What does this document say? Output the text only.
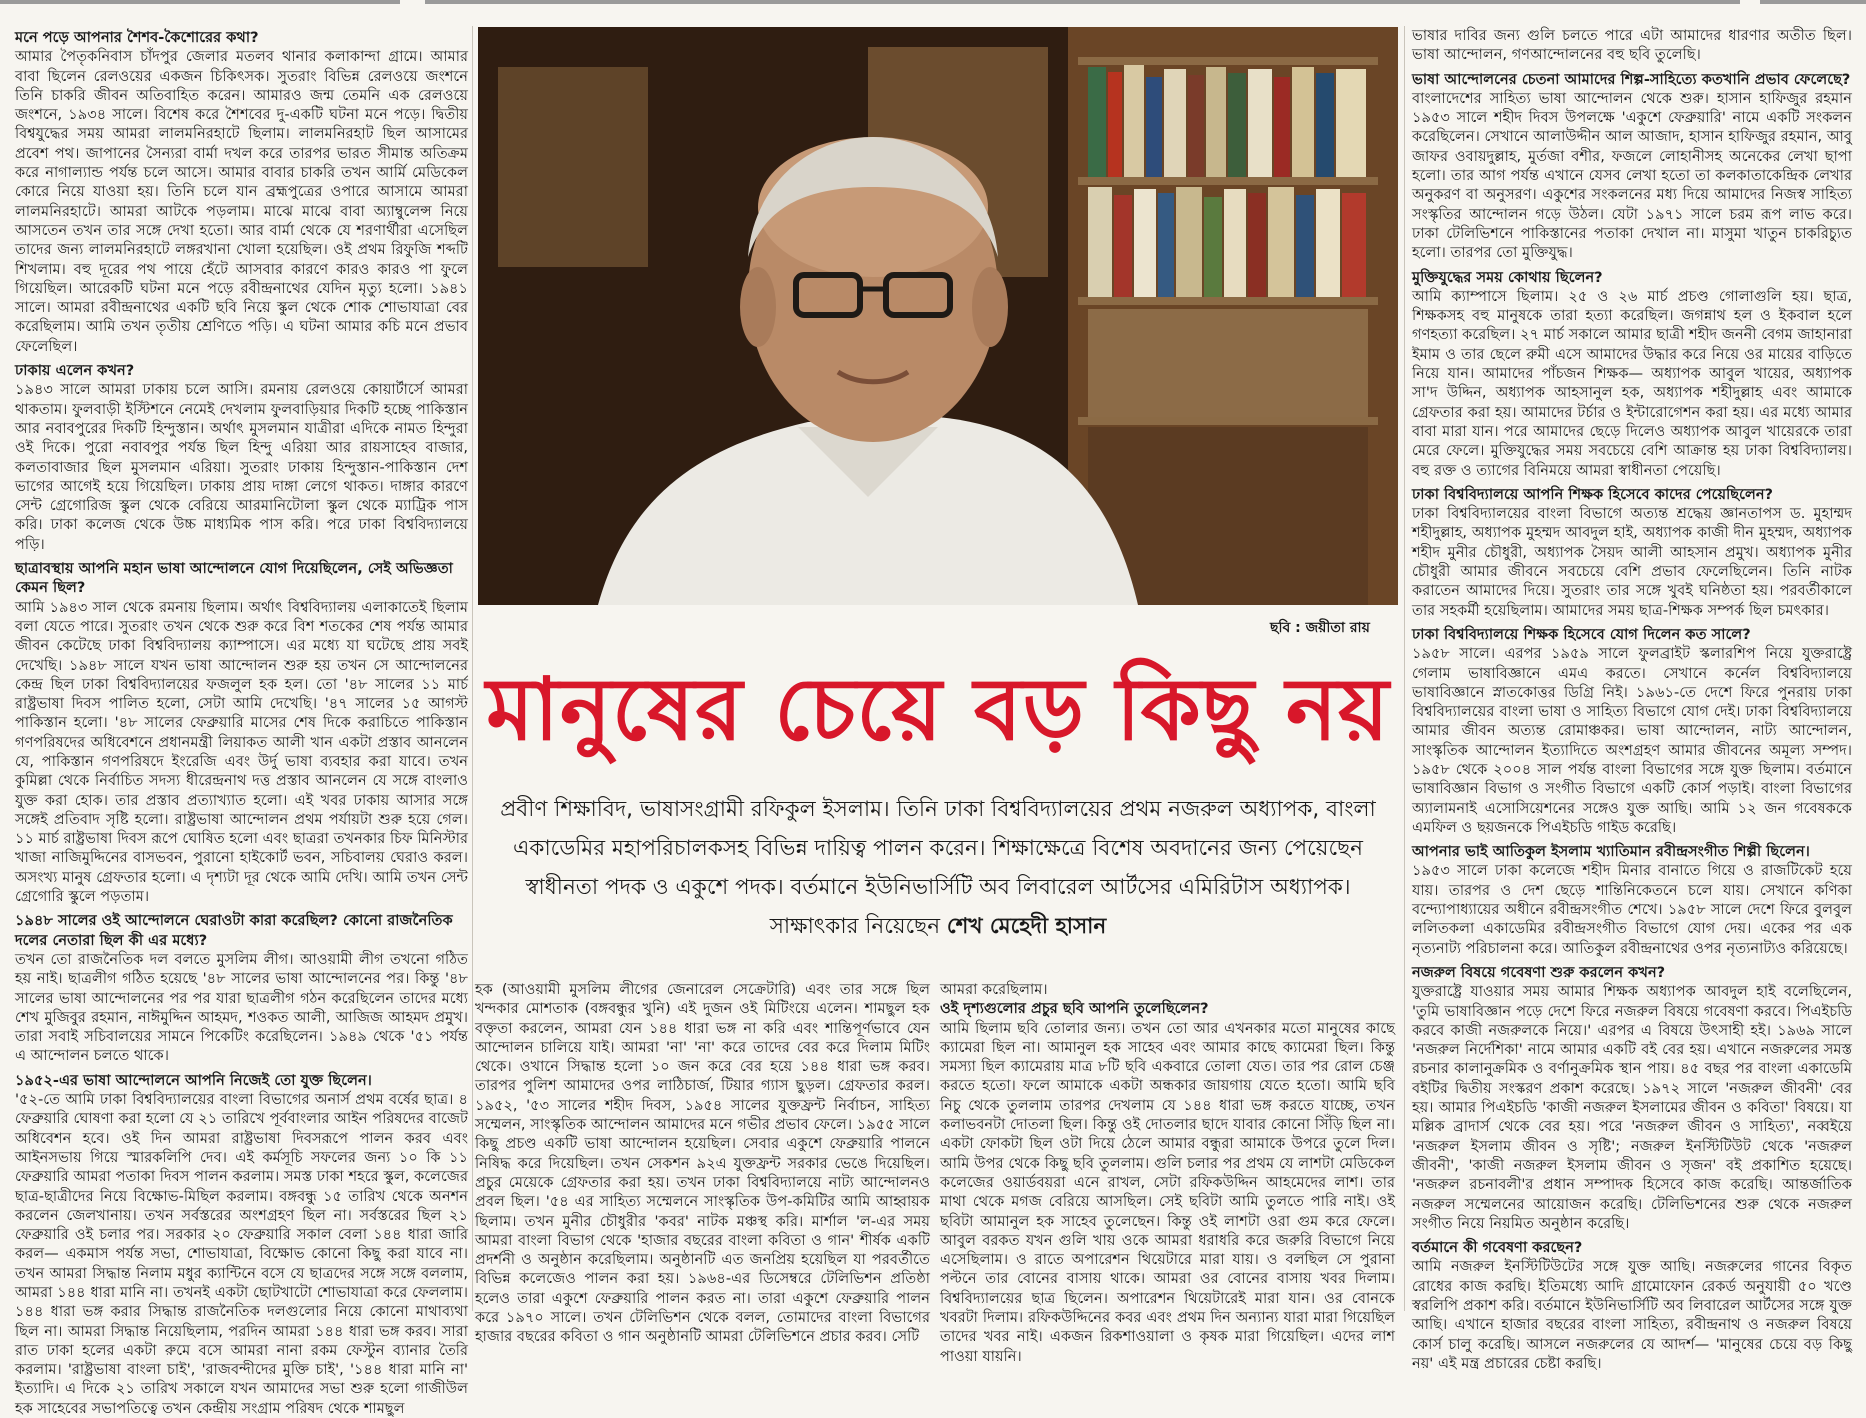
মনে পড়ে আপনার শৈশব-কৈশোরের কথা?

আমার পৈতৃকনিবাস চাঁদপুর জেলার মতলব থানার কলাকান্দা গ্রামে। আমার বাবা ছিলেন রেলওয়ের একজন চিকিৎসক। সুতরাং বিভিন্ন রেলওয়ে জংশনে তিনি চাকরি জীবন অতিবাহিত করেন। আমারও জন্ম তেমনি এক রেলওয়ে জংশনে, ১৯৩৪ সালে। বিশেষ করে শৈশবের দু-একটি ঘটনা মনে পড়ে। দ্বিতীয় বিশ্বযুদ্ধের সময় আমরা লালমনিরহাটে ছিলাম। লালমনিরহাট ছিল আসামের প্রবেশ পথ। জাপানের সৈন্যরা বার্মা দখল করে তারপর ভারত সীমান্ত অতিক্রম করে নাগাল্যান্ড পর্যন্ত চলে আসে। আমার বাবার চাকরি তখন আর্মি মেডিকেল কোরে নিয়ে যাওয়া হয়। তিনি চলে যান ব্রহ্মপুত্রের ওপারে আসামে আমরা লালমনিরহাটে। আমরা আটকে পড়লাম। মাঝে মাঝে বাবা অ্যাম্বুলেন্স নিয়ে আসতেন তখন তার সঙ্গে দেখা হতো। আর বার্মা থেকে যে শরণার্থীরা এসেছিল তাদের জন্য লালমনিরহাটে লঙ্গরখানা খোলা হয়েছিল। ওই প্রথম রিফুজি শব্দটি শিখলাম। বহু দূরের পথ পায়ে হেঁটে আসবার কারণে কারও কারও পা ফুলে গিয়েছিল। আরেকটি ঘটনা মনে পড়ে রবীন্দ্রনাথের যেদিন মৃত্যু হলো। ১৯৪১ সালে। আমরা রবীন্দ্রনাথের একটি ছবি নিয়ে স্কুল থেকে শোক শোভাযাত্রা বের করেছিলাম। আমি তখন তৃতীয় শ্রেণিতে পড়ি। এ ঘটনা আমার কচি মনে প্রভাব ফেলেছিল।

ঢাকায় এলেন কখন?

১৯৪৩ সালে আমরা ঢাকায় চলে আসি। রমনায় রেলওয়ে কোয়ার্টার্সে আমরা থাকতাম। ফুলবাড়ী ইস্টিশনে নেমেই দেখলাম ফুলবাড়িয়ার দিকটি হচ্ছে পাকিস্তান আর নবাবপুরের দিকটি হিন্দুস্তান। অর্থাৎ মুসলমান যাত্রীরা এদিকে নামত হিন্দুরা ওই দিকে। পুরো নবাবপুর পর্যন্ত ছিল হিন্দু এরিয়া আর রায়সাহেব বাজার, কলতাবাজার ছিল মুসলমান এরিয়া। সুতরাং ঢাকায় হিন্দুস্তান-পাকিস্তান দেশ ভাগের আগেই হয়ে গিয়েছিল। ঢাকায় প্রায় দাঙ্গা লেগে থাকত। দাঙ্গার কারণে সেন্ট গ্রেগোরিজ স্কুল থেকে বেরিয়ে আরমানিটোলা স্কুল থেকে ম্যাট্রিক পাস করি। ঢাকা কলেজ থেকে উচ্চ মাধ্যমিক পাস করি। পরে ঢাকা বিশ্ববিদ্যালয়ে পড়ি।

ছাত্রাবস্থায় আপনি মহান ভাষা আন্দোলনে যোগ দিয়েছিলেন, সেই অভিজ্ঞতা কেমন ছিল?

আমি ১৯৪৩ সাল থেকে রমনায় ছিলাম। অর্থাৎ বিশ্ববিদ্যালয় এলাকাতেই ছিলাম বলা যেতে পারে। সুতরাং তখন থেকে শুরু করে বিশ শতকের শেষ পর্যন্ত আমার জীবন কেটেছে ঢাকা বিশ্ববিদ্যালয় ক্যাম্পাসে। এর মধ্যে যা ঘটেছে প্রায় সবই দেখেছি। ১৯৪৮ সালে যখন ভাষা আন্দোলন শুরু হয় তখন সে আন্দোলনের কেন্দ্র ছিল ঢাকা বিশ্ববিদ্যালয়ের ফজলুল হক হল। তো '৪৮ সালের ১১ মার্চ রাষ্ট্রভাষা দিবস পালিত হলো, সেটা আমি দেখেছি। '৪৭ সালের ১৫ আগস্ট পাকিস্তান হলো। '৪৮ সালের ফেব্রুয়ারি মাসের শেষ দিকে করাচিতে পাকিস্তান গণপরিষদের অধিবেশনে প্রধানমন্ত্রী লিয়াকত আলী খান একটা প্রস্তাব আনলেন যে, পাকিস্তান গণপরিষদে ইংরেজি এবং উর্দু ভাষা ব্যবহার করা যাবে। তখন কুমিল্লা থেকে নির্বাচিত সদস্য ধীরেন্দ্রনাথ দত্ত প্রস্তাব আনলেন যে সঙ্গে বাংলাও যুক্ত করা হোক। তার প্রস্তাব প্রত্যাখ্যাত হলো। এই খবর ঢাকায় আসার সঙ্গে সঙ্গেই প্রতিবাদ সৃষ্টি হলো। রাষ্ট্রভাষা আন্দোলন প্রথম পর্যায়টা শুরু হয়ে গেল। ১১ মার্চ রাষ্ট্রভাষা দিবস রূপে ঘোষিত হলো এবং ছাত্ররা তখনকার চিফ মিনিস্টার খাজা নাজিমুদ্দিনের বাসভবন, পুরানো হাইকোর্ট ভবন, সচিবালয় ঘেরাও করল। অসংখ্য মানুষ গ্রেফতার হলো। এ দৃশ্যটা দূর থেকে আমি দেখি। আমি তখন সেন্ট গ্রেগোরি স্কুলে পড়তাম।

১৯৪৮ সালের ওই আন্দোলনে ঘেরাওটা কারা করেছিল? কোনো রাজনৈতিক দলের নেতারা ছিল কী এর মধ্যে?

তখন তো রাজনৈতিক দল বলতে মুসলিম লীগ। আওয়ামী লীগ তখনো গঠিত হয় নাই। ছাত্রলীগ গঠিত হয়েছে '৪৮ সালের ভাষা আন্দোলনের পর। কিন্তু '৪৮ সালের ভাষা আন্দোলনের পর পর যারা ছাত্রলীগ গঠন করেছিলেন তাদের মধ্যে শেখ মুজিবুর রহমান, নাঈমুদ্দিন আহমদ, শওকত আলী, আজিজ আহমদ প্রমুখ। তারা সবাই সচিবালয়ের সামনে পিকেটিং করেছিলেন। ১৯৪৯ থেকে '৫১ পর্যন্ত এ আন্দোলন চলতে থাকে।

১৯৫২-এর ভাষা আন্দোলনে আপনি নিজেই তো যুক্ত ছিলেন।

'৫২-তে আমি ঢাকা বিশ্ববিদ্যালয়ের বাংলা বিভাগের অনার্স প্রথম বর্ষের ছাত্র। ৪ ফেব্রুয়ারি ঘোষণা করা হলো যে ২১ তারিখে পূর্ববাংলার আইন পরিষদের বাজেট অধিবেশন হবে। ওই দিন আমরা রাষ্ট্রভাষা দিবসরূপে পালন করব এবং আইনসভায় গিয়ে স্মারকলিপি দেব। এই কর্মসূচি সফলের জন্য ১০ কি ১১ ফেব্রুয়ারি আমরা পতাকা দিবস পালন করলাম। সমস্ত ঢাকা শহরে স্কুল, কলেজের ছাত্র-ছাত্রীদের নিয়ে বিক্ষোভ-মিছিল করলাম। বঙ্গবন্ধু ১৫ তারিখ থেকে অনশন করলেন জেলখানায়। তখন সর্বস্তরের অংশগ্রহণ ছিল না। সর্বস্তরের ছিল ২১ ফেব্রুয়ারি ওই চলার পর। সরকার ২০ ফেব্রুয়ারি সকাল বেলা ১৪৪ ধারা জারি করল— একমাস পর্যন্ত সভা, শোভাযাত্রা, বিক্ষোভ কোনো কিছু করা যাবে না। তখন আমরা সিদ্ধান্ত নিলাম মধুর ক্যান্টিনে বসে যে ছাত্রদের সঙ্গে সঙ্গে বললাম, আমরা ১৪৪ ধারা মানি না। তখনই একটা ছোটখাটো শোভাযাত্রা করে ফেললাম। ১৪৪ ধারা ভঙ্গ করার সিদ্ধান্ত রাজনৈতিক দলগুলোর নিয়ে কোনো মাথাব্যথা ছিল না। আমরা সিদ্ধান্ত নিয়েছিলাম, পরদিন আমরা ১৪৪ ধারা ভঙ্গ করব। সারা রাত ঢাকা হলের একটা রুমে বসে আমরা নানা রকম ফেস্টুন ব্যানার তৈরি করলাম। 'রাষ্ট্রভাষা বাংলা চাই', 'রাজবন্দীদের মুক্তি চাই', '১৪৪ ধারা মানি না' ইত্যাদি। এ দিকে ২১ তারিখ সকালে যখন আমাদের সভা শুরু হলো গাজীউল হক সাহেবের সভাপতিত্বে তখন কেন্দ্রীয় সংগ্রাম পরিষদ থেকে শামছুল

ছবি : জয়ীতা রায়
মানুষের চেয়ে বড় কিছু নয়
প্রবীণ শিক্ষাবিদ, ভাষাসংগ্রামী রফিকুল ইসলাম। তিনি ঢাকা বিশ্ববিদ্যালয়ের প্রথম নজরুল অধ্যাপক, বাংলা একাডেমির মহাপরিচালকসহ বিভিন্ন দায়িত্ব পালন করেন। শিক্ষাক্ষেত্রে বিশেষ অবদানের জন্য পেয়েছেন স্বাধীনতা পদক ও একুশে পদক। বর্তমানে ইউনিভার্সিটি অব লিবারেল আর্টসের এমিরিটাস অধ্যাপক। সাক্ষাৎকার নিয়েছেন শেখ মেহেদী হাসান

হক (আওয়ামী মুসলিম লীগের জেনারেল সেক্রেটারি) এবং তার সঙ্গে ছিল খন্দকার মোশতাক (বঙ্গবন্ধুর খুনি) এই দুজন ওই মিটিংয়ে এলেন। শামছুল হক বক্তৃতা করলেন, আমরা যেন ১৪৪ ধারা ভঙ্গ না করি এবং শান্তিপূর্ণভাবে যেন আন্দোলন চালিয়ে যাই। আমরা 'না' 'না' করে তাদের বের করে দিলাম মিটিং থেকে। ওখানে সিদ্ধান্ত হলো ১০ জন করে বের হয়ে ১৪৪ ধারা ভঙ্গ করব। তারপর পুলিশ আমাদের ওপর লাঠিচার্জ, টিয়ার গ্যাস ছুড়ল। গ্রেফতার করল। ১৯৫২, '৫৩ সালের শহীদ দিবস, ১৯৫৪ সালের যুক্তফ্রন্ট নির্বাচন, সাহিত্য সম্মেলন, সাংস্কৃতিক আন্দোলন আমাদের মনে গভীর প্রভাব ফেলে। ১৯৫৫ সালে কিছু প্রচণ্ড একটি ভাষা আন্দোলন হয়েছিল। সেবার একুশে ফেব্রুয়ারি পালনে নিষিদ্ধ করে দিয়েছিল। তখন সেকশন ৯২এ যুক্তফ্রন্ট সরকার ভেঙে দিয়েছিল। প্রচুর মেয়েকে গ্রেফতার করা হয়। তখন ঢাকা বিশ্ববিদ্যালয়ে নাট্য আন্দোলনও প্রবল ছিল। '৫৪ এর সাহিত্য সম্মেলনে সাংস্কৃতিক উপ-কমিটির আমি আহ্বায়ক ছিলাম। তখন মুনীর চৌধুরীর 'কবর' নাটক মঞ্চস্থ করি। মার্শাল 'ল-এর সময় আমরা বাংলা বিভাগ থেকে 'হাজার বছরের বাংলা কবিতা ও গান' শীর্ষক একটি প্রদর্শনী ও অনুষ্ঠান করেছিলাম। অনুষ্ঠানটি এত জনপ্রিয় হয়েছিল যা পরবর্তীতে বিভিন্ন কলেজেও পালন করা হয়। ১৯৬৪-এর ডিসেম্বরে টেলিভিশন প্রতিষ্ঠা হলেও তারা একুশে ফেব্রুয়ারি পালন করত না। তারা একুশে ফেব্রুয়ারি পালন করে ১৯৭০ সালে। তখন টেলিভিশন থেকে বলল, তোমাদের বাংলা বিভাগের হাজার বছরের কবিতা ও গান অনুষ্ঠানটি আমরা টেলিভিশনে প্রচার করব। সেটি

আমরা করেছিলাম।

ওই দৃশ্যগুলোর প্রচুর ছবি আপনি তুলেছিলেন?

আমি ছিলাম ছবি তোলার জন্য। তখন তো আর এখনকার মতো মানুষের কাছে ক্যামেরা ছিল না। আমানুল হক সাহেব এবং আমার কাছে ক্যামেরা ছিল। কিন্তু সমস্যা ছিল ক্যামেরায় মাত্র ৮টি ছবি একবারে তোলা যেত। তার পর রোল চেঞ্জ করতে হতো। ফলে আমাকে একটা অন্ধকার জায়গায় যেতে হতো। আমি ছবি নিচু থেকে তুললাম তারপর দেখলাম যে ১৪৪ ধারা ভঙ্গ করতে যাচ্ছে, তখন কলাভবনটা দোতলা ছিল। কিন্তু ওই দোতলার ছাদে যাবার কোনো সিঁড়ি ছিল না। একটা ফোকটা ছিল ওটা দিয়ে ঠেলে আমার বন্ধুরা আমাকে উপরে তুলে দিল। আমি উপর থেকে কিছু ছবি তুললাম। গুলি চলার পর প্রথম যে লাশটা মেডিকেল কলেজের ওয়ার্ডবয়রা এনে রাখল, সেটা রফিকউদ্দিন আহমেদের লাশ। তার মাথা থেকে মগজ বেরিয়ে আসছিল। সেই ছবিটা আমি তুলতে পারি নাই। ওই ছবিটা আমানুল হক সাহেব তুলেছেন। কিন্তু ওই লাশটা ওরা গুম করে ফেলে। আবুল বরকত যখন গুলি খায় ওকে আমরা ধরাধরি করে জরুরি বিভাগে নিয়ে এসেছিলাম। ও রাতে অপারেশন থিয়েটারে মারা যায়। ও বলছিল সে পুরানা পল্টনে তার বোনের বাসায় থাকে। আমরা ওর বোনের বাসায় খবর দিলাম। বিশ্ববিদ্যালয়ের ছাত্র ছিলেন। অপারেশন থিয়েটারেই মারা যান। ওর বোনকে খবরটা দিলাম। রফিকউদ্দিনের কবর এবং প্রথম দিন অন্যান্য যারা মারা গিয়েছিল তাদের খবর নাই। একজন রিকশাওয়ালা ও কৃষক মারা গিয়েছিল। এদের লাশ পাওয়া যায়নি।

ভাষার দাবির জন্য গুলি চলতে পারে এটা আমাদের ধারণার অতীত ছিল। ভাষা আন্দোলন, গণআন্দোলনের বহু ছবি তুলেছি।

ভাষা আন্দোলনের চেতনা আমাদের শিল্প-সাহিত্যে কতখানি প্রভাব ফেলেছে?

বাংলাদেশের সাহিত্য ভাষা আন্দোলন থেকে শুরু। হাসান হাফিজুর রহমান ১৯৫৩ সালে শহীদ দিবস উপলক্ষে 'একুশে ফেব্রুয়ারি' নামে একটি সংকলন করেছিলেন। সেখানে আলাউদ্দীন আল আজাদ, হাসান হাফিজুর রহমান, আবু জাফর ওবায়দুল্লাহ, মুর্তজা বশীর, ফজলে লোহানীসহ অনেকের লেখা ছাপা হলো। তার আগ পর্যন্ত এখানে যেসব লেখা হতো তা কলকাতাকেন্দ্রিক লেখার অনুকরণ বা অনুসরণ। একুশের সংকলনের মধ্য দিয়ে আমাদের নিজস্ব সাহিত্য সংস্কৃতির আন্দোলন গড়ে উঠল। যেটা ১৯৭১ সালে চরম রূপ লাভ করে। ঢাকা টেলিভিশনে পাকিস্তানের পতাকা দেখাল না। মাসুমা খাতুন চাকরিচ্যুত হলো। তারপর তো মুক্তিযুদ্ধ।

মুক্তিযুদ্ধের সময় কোথায় ছিলেন?

আমি ক্যাম্পাসে ছিলাম। ২৫ ও ২৬ মার্চ প্রচণ্ড গোলাগুলি হয়। ছাত্র, শিক্ষকসহ বহু মানুষকে তারা হত্যা করেছিল। জগন্নাথ হল ও ইকবাল হলে গণহত্যা করেছিল। ২৭ মার্চ সকালে আমার ছাত্রী শহীদ জননী বেগম জাহানারা ইমাম ও তার ছেলে রুমী এসে আমাদের উদ্ধার করে নিয়ে ওর মায়ের বাড়িতে নিয়ে যান। আমাদের পাঁচজন শিক্ষক— অধ্যাপক আবুল খায়ের, অধ্যাপক সা'দ উদ্দিন, অধ্যাপক আহসানুল হক, অধ্যাপক শহীদুল্লাহ এবং আমাকে গ্রেফতার করা হয়। আমাদের টর্চার ও ইন্টারোগেশন করা হয়। এর মধ্যে আমার বাবা মারা যান। পরে আমাদের ছেড়ে দিলেও অধ্যাপক আবুল খায়েরকে তারা মেরে ফেলে। মুক্তিযুদ্ধের সময় সবচেয়ে বেশি আক্রান্ত হয় ঢাকা বিশ্ববিদ্যালয়। বহু রক্ত ও ত্যাগের বিনিময়ে আমরা স্বাধীনতা পেয়েছি।

ঢাকা বিশ্ববিদ্যালয়ে আপনি শিক্ষক হিসেবে কাদের পেয়েছিলেন?

ঢাকা বিশ্ববিদ্যালয়ের বাংলা বিভাগে অত্যন্ত শ্রদ্ধেয় জ্ঞানতাপস ড. মুহাম্মদ শহীদুল্লাহ, অধ্যাপক মুহম্মদ আবদুল হাই, অধ্যাপক কাজী দীন মুহম্মদ, অধ্যাপক শহীদ মুনীর চৌধুরী, অধ্যাপক সৈয়দ আলী আহসান প্রমুখ। অধ্যাপক মুনীর চৌধুরী আমার জীবনে সবচেয়ে বেশি প্রভাব ফেলেছিলেন। তিনি নাটক করাতেন আমাদের দিয়ে। সুতরাং তার সঙ্গে খুবই ঘনিষ্ঠতা হয়। পরবর্তীকালে তার সহকর্মী হয়েছিলাম। আমাদের সময় ছাত্র-শিক্ষক সম্পর্ক ছিল চমৎকার।

ঢাকা বিশ্ববিদ্যালয়ে শিক্ষক হিসেবে যোগ দিলেন কত সালে?

১৯৫৮ সালে। এরপর ১৯৫৯ সালে ফুলব্রাইট স্কলারশিপ নিয়ে যুক্তরাষ্ট্রে গেলাম ভাষাবিজ্ঞানে এমএ করতে। সেখানে কর্নেল বিশ্ববিদ্যালয়ে ভাষাবিজ্ঞানে স্নাতকোত্তর ডিগ্রি নিই। ১৯৬১-তে দেশে ফিরে পুনরায় ঢাকা বিশ্ববিদ্যালয়ের বাংলা ভাষা ও সাহিত্য বিভাগে যোগ দেই। ঢাকা বিশ্ববিদ্যালয়ে আমার জীবন অত্যন্ত রোমাঞ্চকর। ভাষা আন্দোলন, নাট্য আন্দোলন, সাংস্কৃতিক আন্দোলন ইত্যাদিতে অংশগ্রহণ আমার জীবনের অমূল্য সম্পদ। ১৯৫৮ থেকে ২০০৪ সাল পর্যন্ত বাংলা বিভাগের সঙ্গে যুক্ত ছিলাম। বর্তমানে ভাষাবিজ্ঞান বিভাগ ও সংগীত বিভাগে একটি কোর্স পড়াই। বাংলা বিভাগের অ্যালামনাই এসোসিয়েশনের সঙ্গেও যুক্ত আছি। আমি ১২ জন গবেষককে এমফিল ও ছয়জনকে পিএইচডি গাইড করেছি।

আপনার ভাই আতিকুল ইসলাম খ্যাতিমান রবীন্দ্রসংগীত শিল্পী ছিলেন।

১৯৫৩ সালে ঢাকা কলেজে শহীদ মিনার বানাতে গিয়ে ও রাজটিকেট হয়ে যায়। তারপর ও দেশ ছেড়ে শান্তিনিকেতনে চলে যায়। সেখানে কণিকা বন্দ্যোপাধ্যায়ের অধীনে রবীন্দ্রসংগীত শেখে। ১৯৫৮ সালে দেশে ফিরে বুলবুল ললিতকলা একাডেমির রবীন্দ্রসংগীত বিভাগে যোগ দেয়। একের পর এক নৃত্যনাট্য পরিচালনা করে। আতিকুল রবীন্দ্রনাথের ওপর নৃত্যনাট্যও করিয়েছে।

নজরুল বিষয়ে গবেষণা শুরু করলেন কখন?

যুক্তরাষ্ট্রে যাওয়ার সময় আমার শিক্ষক অধ্যাপক আবদুল হাই বলেছিলেন, 'তুমি ভাষাবিজ্ঞান পড়ে দেশে ফিরে নজরুল বিষয়ে গবেষণা করবে। পিএইচডি করবে কাজী নজরুলকে নিয়ে।' এরপর এ বিষয়ে উৎসাহী হই। ১৯৬৯ সালে 'নজরুল নির্দেশিকা' নামে আমার একটি বই বের হয়। এখানে নজরুলের সমস্ত রচনার কালানুক্রমিক ও বর্ণানুক্রমিক স্থান পায়। ৪৫ বছর পর বাংলা একাডেমি বইটির দ্বিতীয় সংস্করণ প্রকাশ করেছে। ১৯৭২ সালে 'নজরুল জীবনী' বের হয়। আমার পিএইচডি 'কাজী নজরুল ইসলামের জীবন ও কবিতা' বিষয়ে। যা মল্লিক ব্রাদার্স থেকে বের হয়। পরে 'নজরুল জীবন ও সাহিত্য', নব্বইয়ে 'নজরুল ইসলাম জীবন ও সৃষ্টি'; নজরুল ইনস্টিটিউট থেকে 'নজরুল জীবনী', 'কাজী নজরুল ইসলাম জীবন ও সৃজন' বই প্রকাশিত হয়েছে। 'নজরুল রচনাবলী'র প্রধান সম্পাদক হিসেবে কাজ করেছি। আন্তর্জাতিক নজরুল সম্মেলনের আয়োজন করেছি। টেলিভিশনের শুরু থেকে নজরুল সংগীত নিয়ে নিয়মিত অনুষ্ঠান করেছি।

বর্তমানে কী গবেষণা করছেন?

আমি নজরুল ইনস্টিটিউটের সঙ্গে যুক্ত আছি। নজরুলের গানের বিকৃত রোধের কাজ করছি। ইতিমধ্যে আদি গ্রামোফোন রেকর্ড অনুযায়ী ৫০ খণ্ডে স্বরলিপি প্রকাশ করি। বর্তমানে ইউনিভার্সিটি অব লিবারেল আর্টসের সঙ্গে যুক্ত আছি। এখানে হাজার বছরের বাংলা সাহিত্য, রবীন্দ্রনাথ ও নজরুল বিষয়ে কোর্স চালু করেছি। আসলে নজরুলের যে আদর্শ— 'মানুষের চেয়ে বড় কিছু নয়' এই মন্ত্র প্রচারের চেষ্টা করছি।
